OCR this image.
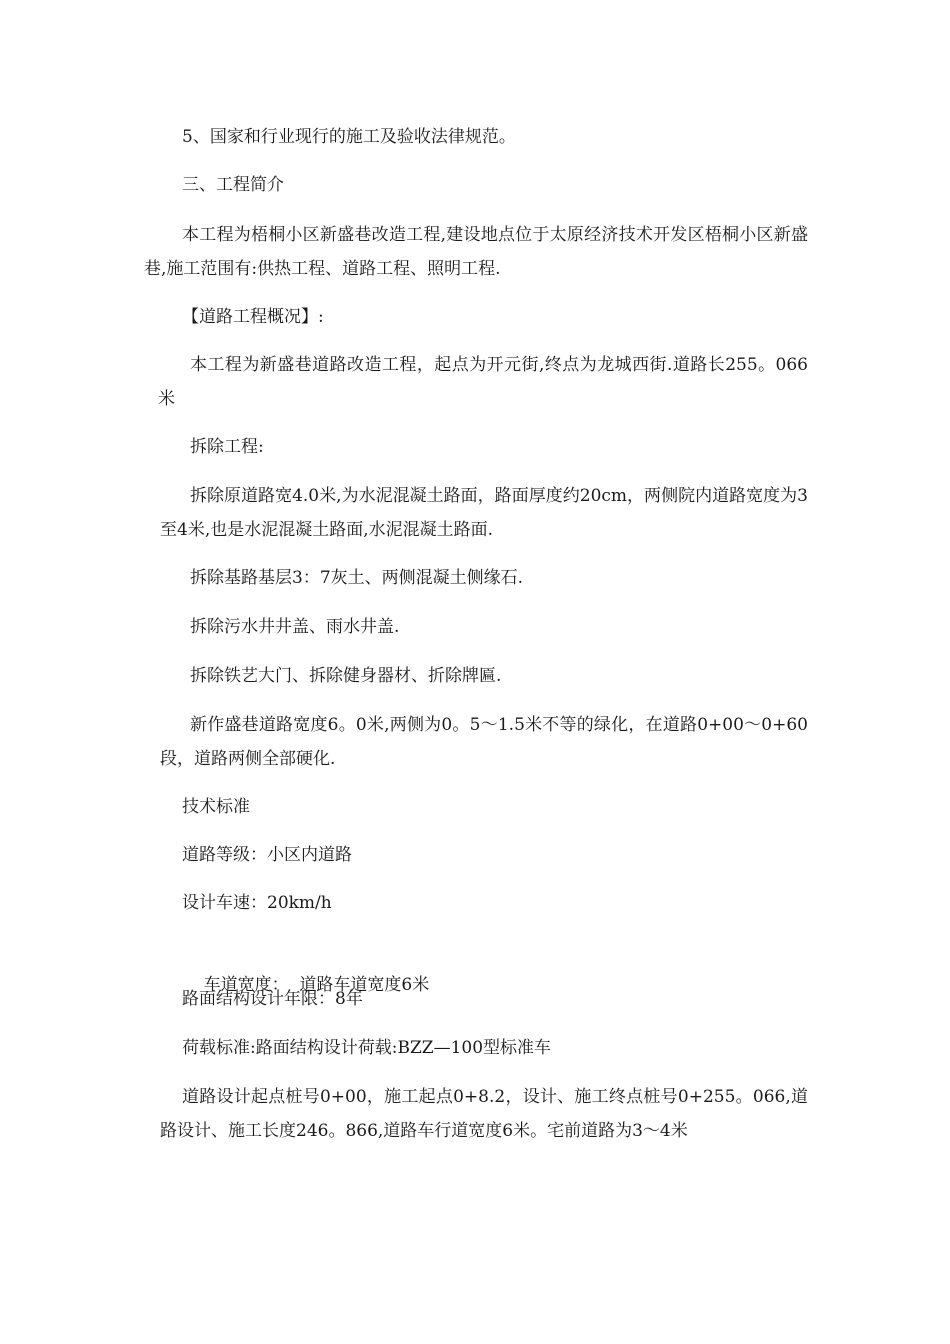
5、国家和行业现行的施工及验收法律规范。

三、工程简介

本工程为梧桐小区新盛巷改造工程,建设地点位于太原经济技术开发区梧桐小区新盛巷,施工范围有:供热工程、道路工程、照明工程.

【道路工程概况】:

本工程为新盛巷道路改造工程，起点为开元街,终点为龙城西街.道路长255。066米

拆除工程:

拆除原道路宽4.0米,为水泥混凝土路面，路面厚度约20cm，两侧院内道路宽度为3至4米,也是水泥混凝土路面,水泥混凝土路面.

拆除基路基层3：7灰土、两侧混凝土侧缘石.

拆除污水井井盖、雨水井盖.

拆除铁艺大门、拆除健身器材、折除牌匾.

新作盛巷道路宽度6。0米,两侧为0。5～1.5米不等的绿化，在道路0+00～0+60段，道路两侧全部硬化.

技术标准

道路等级：小区内道路

设计车速：20km/h

车道宽度：  道路车道宽度6米

路面结构设计年限：8年

荷载标准:路面结构设计荷载:BZZ—100型标准车

道路设计起点桩号0+00，施工起点0+8.2，设计、施工终点桩号0+255。066,道路设计、施工长度246。866,道路车行道宽度6米。宅前道路为3～4米
